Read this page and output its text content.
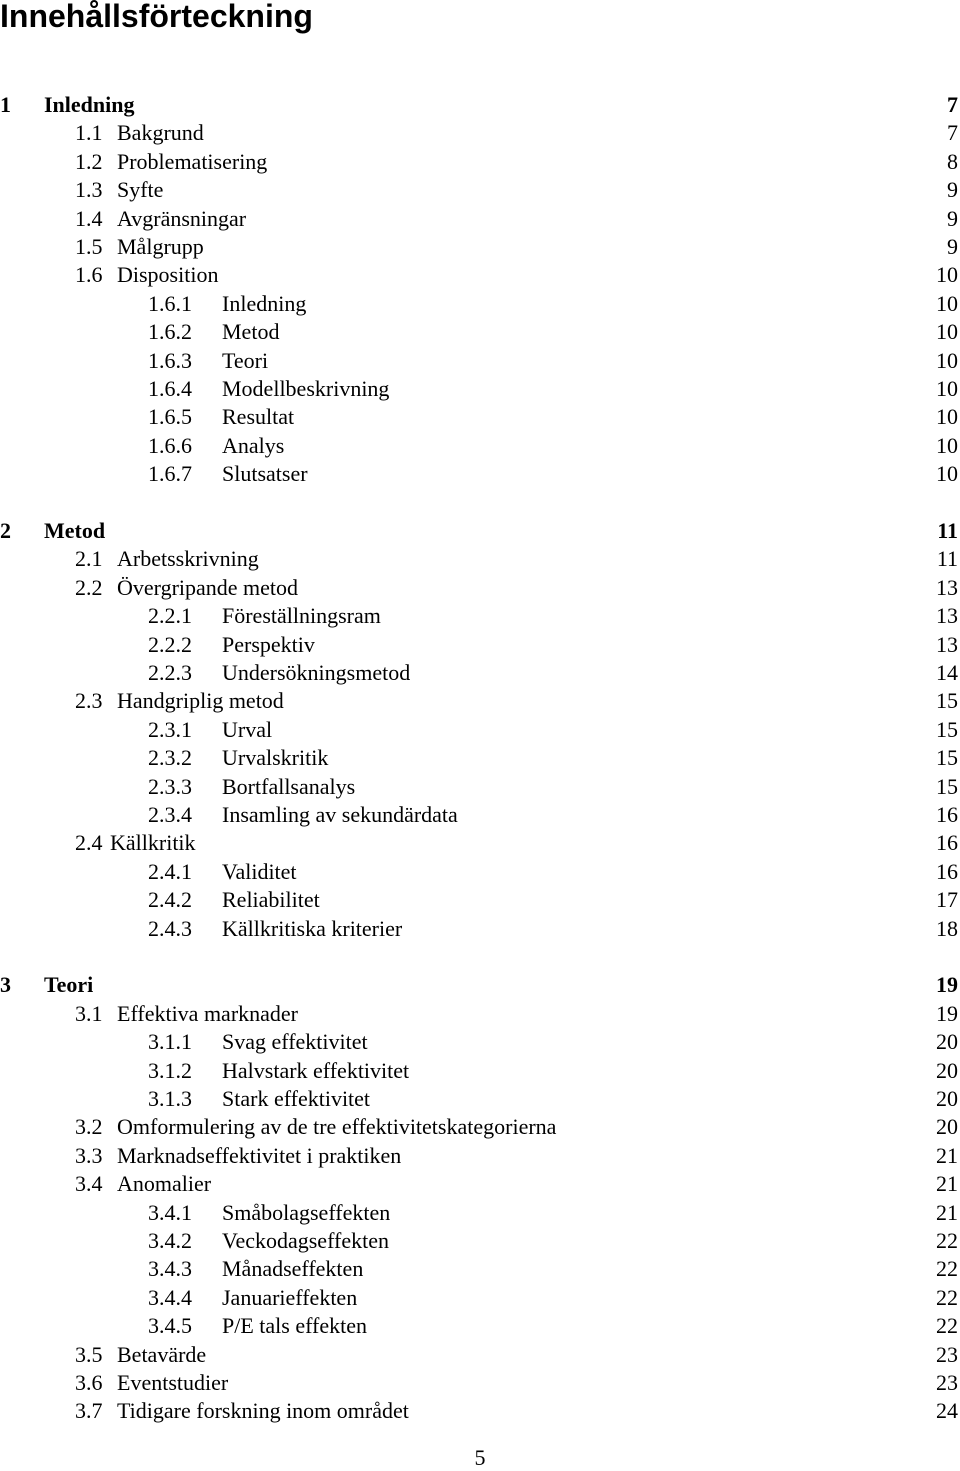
Innehållsförteckning
1 Inledning	7
1.1 Bakgrund	7
1.2 Problematisering	8
1.3 Syfte	9
1.4 Avgränsningar	9
1.5 Målgrupp	9
1.6 Disposition	10
1.6.1 Inledning	10
1.6.2 Metod	10
1.6.3 Teori	10
1.6.4 Modellbeskrivning	10
1.6.5 Resultat	10
1.6.6 Analys	10
1.6.7 Slutsatser	10
2 Metod	11
2.1 Arbetsskrivning	11
2.2 Övergripande metod	13
2.2.1 Föreställningsram	13
2.2.2 Perspektiv	13
2.2.3 Undersökningsmetod	14
2.3 Handgriplig metod	15
2.3.1 Urval	15
2.3.2 Urvalskritik	15
2.3.3 Bortfallsanalys	15
2.3.4 Insamling av sekundärdata	16
2.4 Källkritik	16
2.4.1 Validitet	16
2.4.2 Reliabilitet	17
2.4.3 Källkritiska kriterier	18
3 Teori	19
3.1 Effektiva marknader	19
3.1.1 Svag effektivitet	20
3.1.2 Halvstark effektivitet	20
3.1.3 Stark effektivitet	20
3.2 Omformulering av de tre effektivitetskategorierna	20
3.3 Marknadseffektivitet i praktiken	21
3.4 Anomalier	21
3.4.1 Småbolagseffekten	21
3.4.2 Veckodagseffekten	22
3.4.3 Månadseffekten	22
3.4.4 Januarieffekten	22
3.4.5 P/E tals effekten	22
3.5 Betavärde	23
3.6 Eventstudier	23
3.7 Tidigare forskning inom området	24
5
